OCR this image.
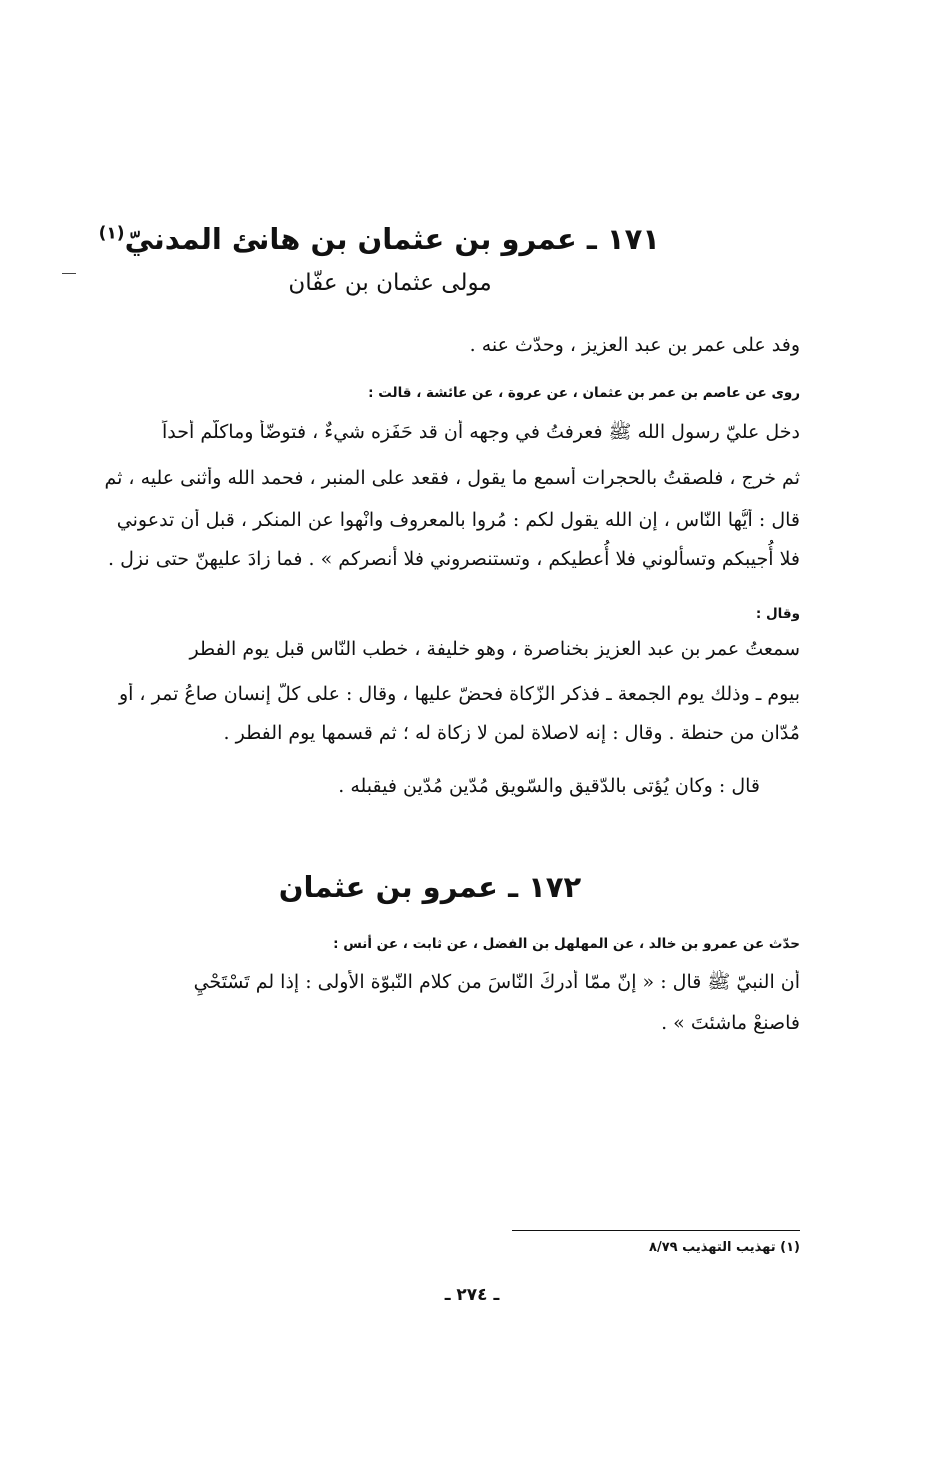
١٧١ ـ عمرو بن عثمان بن هانئ المدنيّ$^{(١)}$
مولى عثمان بن عفّان
وفد على عمر بن عبد العزيز ، وحدّث عنه .
روى عن عاصم بن عمر بن عثمان ، عن عروة ، عن عائشة ، قالت :
دخل عليّ رسول الله ﷺ فعرفتُ في وجهه أن قد حَفَزه شيءٌ ، فتوضّأ وماكلّم أحداً
ثم خرج ، فلصقتُ بالحجرات أسمع ما يقول ، فقعد على المنبر ، فحمد الله وأثنى عليه ، ثم
قال : أيُّها النّاس ، إن الله يقول لكم : مُروا بالمعروف وانْهوا عن المنكر ، قبل أن تدعوني
فلا أُجيبكم وتسألوني فلا أُعطيكم ، وتستنصروني فلا أنصركم » . فما زادَ عليهنّ حتى نزل .
وقال :
سمعتُ عمر بن عبد العزيز بخناصرة ، وهو خليفة ، خطب النّاس قبل يوم الفطر
بيوم ـ وذلك يوم الجمعة ـ فذكر الزّكاة فحضّ عليها ، وقال : على كلّ إنسان صاعُ تمرٍ ، أو
مُدّان من حنطة . وقال : إنه لاصلاة لمن لا زكاة له ؛ ثم قسمها يوم الفطر .
قال : وكان يُؤتى بالدّقيق والسّويق مُدّين مُدّين فيقبله .
١٧٢ ـ عمرو بن عثمان
حدّث عن عمرو بن خالد ، عن المهلهل بن الفضل ، عن ثابت ، عن أنس :
أن النبيّ ﷺ قال : « إنّ ممّا أدركَ النّاسَ من كلام النّبوّة الأولى : إذا لم تَسْتَحْيِ
فاصنعْ ماشئتَ » .
(١) تهذيب التهذيب ٨/٧٩
ـ ٢٧٤ ـ
